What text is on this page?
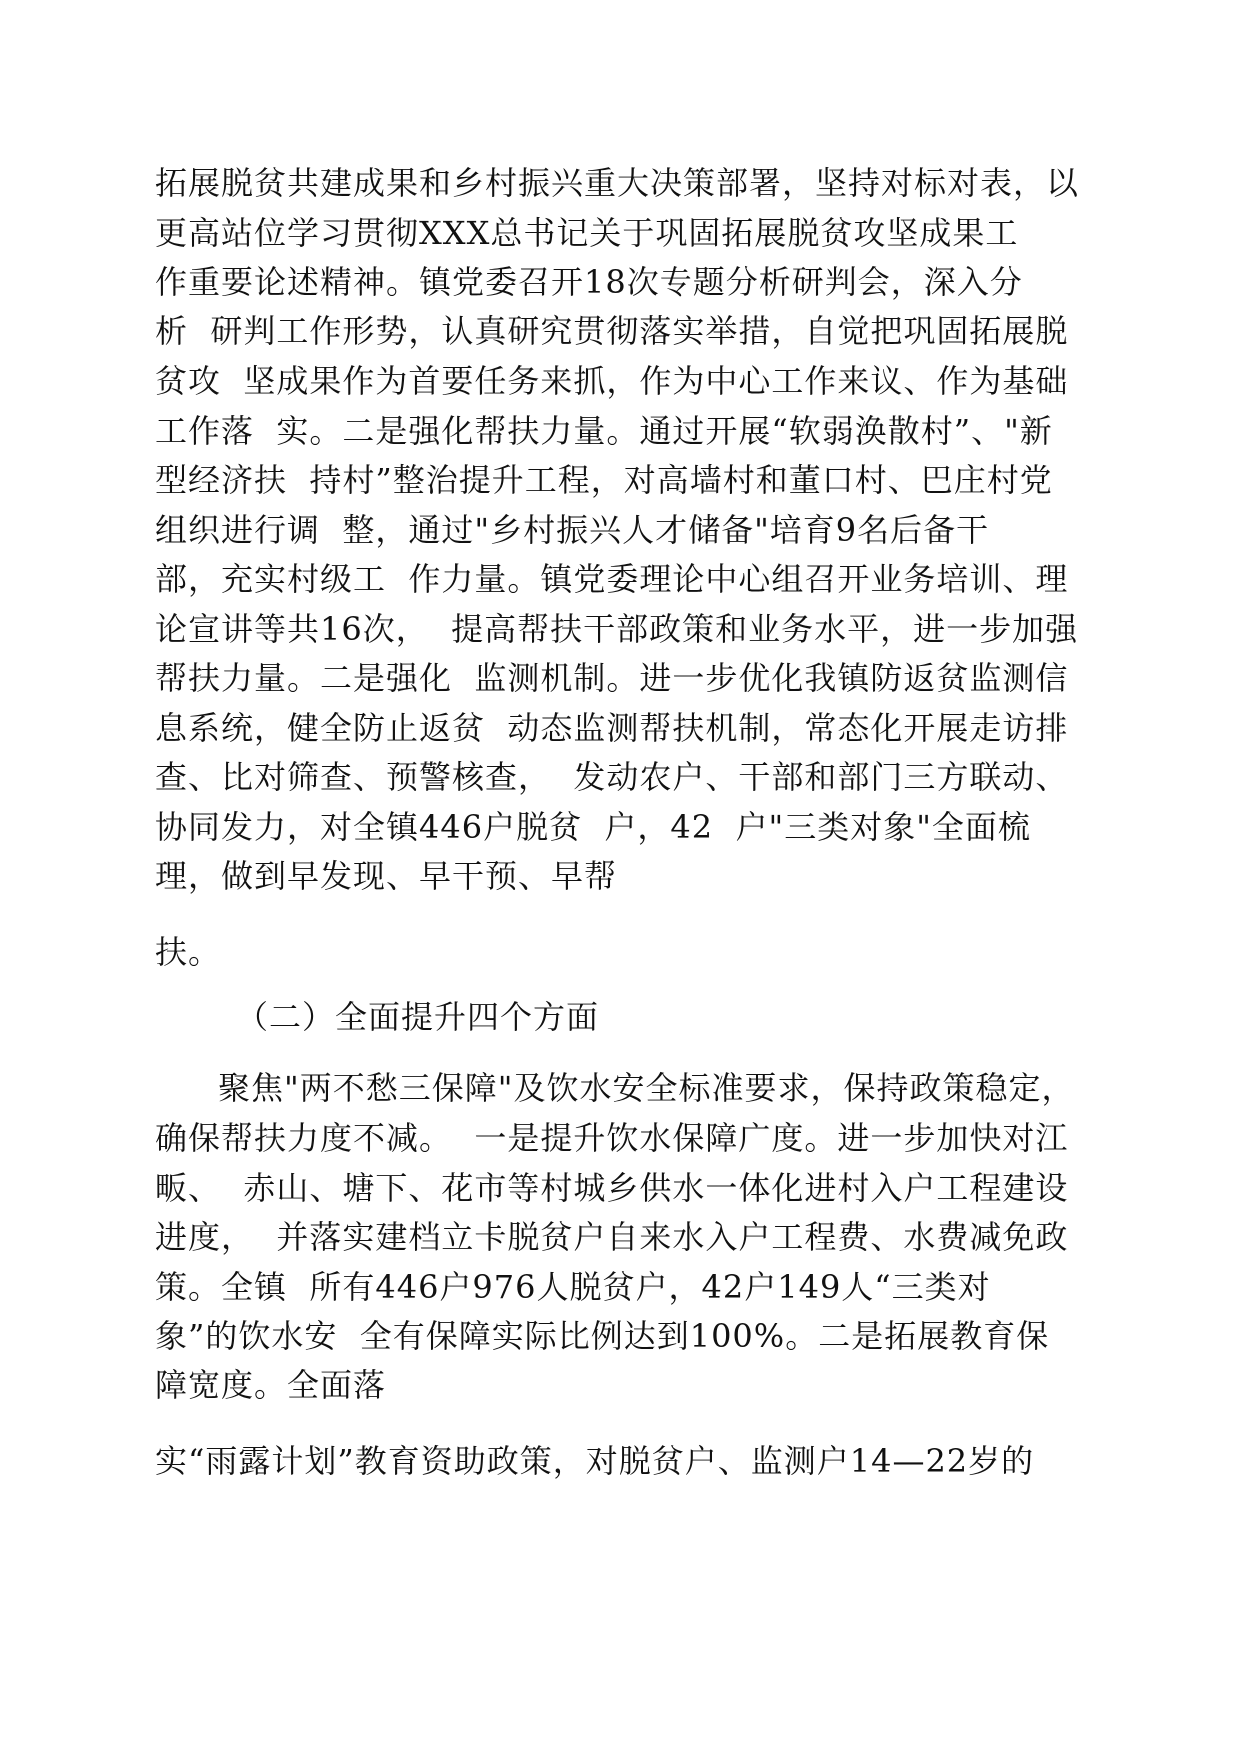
拓展脱贫共建成果和乡村振兴重大决策部署，坚持对标对表，以
更高站位学习贯彻XXX总书记关于巩固拓展脱贫攻坚成果工
作重要论述精神。镇党委召开18次专题分析研判会，深入分
析  研判工作形势，认真研究贯彻落实举措，自觉把巩固拓展脱
贫攻  坚成果作为首要任务来抓，作为中心工作来议、作为基础
工作落  实。二是强化帮扶力量。通过开展“软弱涣散村”、"新
型经济扶  持村”整治提升工程，对高墙村和董口村、巴庄村党
组织进行调  整，通过"乡村振兴人才储备"培育9名后备干
部，充实村级工  作力量。镇党委理论中心组召开业务培训、理
论宣讲等共16次，  提高帮扶干部政策和业务水平，进一步加强
帮扶力量。二是强化  监测机制。进一步优化我镇防返贫监测信
息系统，健全防止返贫  动态监测帮扶机制，常态化开展走访排
查、比对筛查、预警核查，  发动农户、干部和部门三方联动、
协同发力，对全镇446户脱贫  户，42  户"三类对象"全面梳
理，做到早发现、早干预、早帮
扶。
（二）全面提升四个方面
聚焦"两不愁三保障"及饮水安全标准要求，保持政策稳定，
确保帮扶力度不减。  一是提升饮水保障广度。进一步加快对江
畈、  赤山、塘下、花市等村城乡供水一体化进村入户工程建设
进度，  并落实建档立卡脱贫户自来水入户工程费、水费减免政
策。全镇  所有446户976人脱贫户，42户149人“三类对
象”的饮水安  全有保障实际比例达到100%。二是拓展教育保
障宽度。全面落
实“雨露计划”教育资助政策，对脱贫户、监测户14—22岁的
